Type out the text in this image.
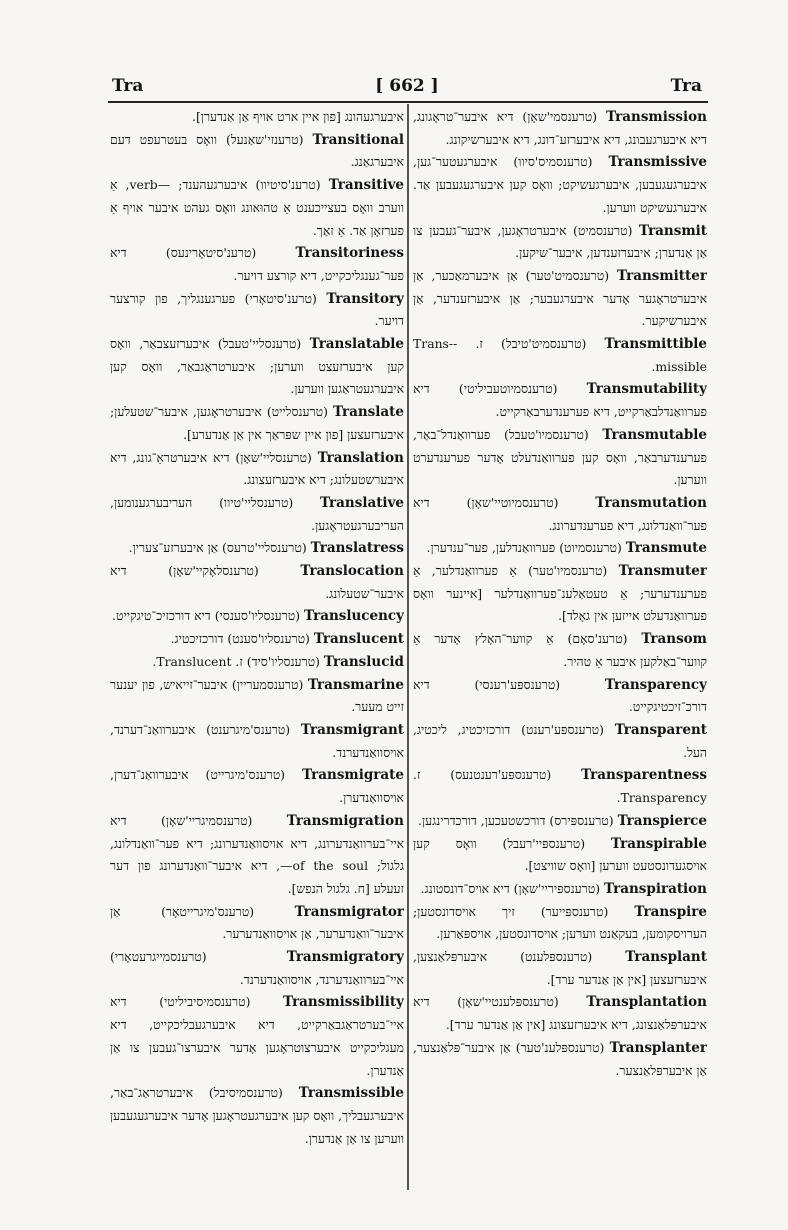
Tra	[ 662 ]	Tra

איבערגעהונג [פון איין ארט אויף אַן אַנדערן].

Transitional (טרענזי'שאַנעל) וואָס בעטרעפט דעם איבערגאַנג.

Transitive (טרענ'סיטיוו) איבערגעהענד; —verb, אַ ווערב וואָס בעצייכענט אַ טהוּאונג וואָס געהט איבער אויף אַ פערזאָן אַד. אַ זאַך.

Transitoriness (טרענ'סיטאָרינעס) דיא פער־גענגליכקייט, דיא קורצע דויער.

Transitory (טרענ'סיטאָרי) פערגענגליך, פון קורצער דויער.

Translatable (טרענסליי'טעבל) איבערזעצבאַר, וואָס קען איבערזעצט ווערען; איבערטראַגבאַר, וואָס קען איבערגעטראַגען ווערען.

Translate (טרענסלייט) איבערטראָגען, איבער־שטעלען; איבערזעצען [פון איין שפּראַך אין אַן אַנדערע].

Translation (טרענסליי'שאָן) דיא איבערטראַ־גונג, דיא איבערשטעלונג; דיא איבערזעצונג.

Translative (טרענסליי'טיוו) העריבערגענומען, העריבערגעטראָגען.

Translatress (טרענסליי'טרעס) אַן איבערזע־צערין.

Translocation (טרענסלאָקיי'שאָן) דיא איבער־שטעלונג.

Translucency (טרענסליו'סענסי) דיא דורכזיכ־טיגקייט.

Translucent (טרענסליו'סענט) דורכזיכטיג.

Translucid (טרענסליו'סיד) ז. Translucent.

Transmarine (טרענסמעריין) איבער־זייאיש, פון יענער זייט מעער.

Transmigrant (טרענס'מיגרענט) איבערוואַנ־דערנד, אויסוואַנדערנד.

Transmigrate (טרענס'מיגרייט) איבערוואַנ־דערן, אויסוואַנדערן.

Transmigration (טרענסמיגריי'שאָן) דיא איי־בערוואַנדערונג, דיא אויסוואַנדערונג; דיא פער־וואַנדלונג, גלגול; of the soul—, דיא איבער־וואַנדערונג פון דער זעעלע [ח. גלגול הנפש].

Transmigrator (טרענס'מיגרייטאָר) אַן איבער־וואַנדערער, אַן אויסוואַנדערער.

Transmigratory (טרענסמייגרעטאָרי) איי־בערוואַנדערנד, אויסוואַנדערנד.

Transmissibility (טרענסמיסיביליטי) דיא איי־בערטראַגבאַרקייט, דיא איבערגעבליכקייט, דיא מעגליכקייט איבערצוטראָגען אָדער איבערצו־געבען צו אַן אַנדערן.

Transmissible (טרענסמיסיבל) איבערטראַג־באַר, איבערגעבליך, וואָס קען איבערגעטראָגען אָדער איבערגעגעבען ווערען צו אַן אַנדערן.

Transmission (טרענסמי'שאָן) דיא איבער־טראָגונג, דיא איבערגעבונג, דיא איבערזע־דונג, דיא איבערשיקונג.

Transmissive (טרענסמיס'סיוו) איבערגעטער־גען, איבערגעגעבען, איבערגעשיקט; וואָס קען איבערגעגעבען אַד. איבערגעשיקט ווערען.

Transmit (טרענסמיט) איבערטראָגען, איבער־געבען צו אַן אַנדערן; איבערזענדען, איבער־שיקען.

Transmitter (טרענסמיט'טער) אַן איבערמאַכער, אַן איבערטראָגער אָדער איבערגעבער; אַן איבערזענדער, אַן איבערשיקער.

Transmittible (טרענסמיט'טיבל) ז. Trans--missible.

Transmutability (טרענסמיוטעביליטי) דיא פערוואַנדלבאַרקייט, דיא פערענדערבאַרקייט.

Transmutable (טרענסמיו'טעבל) פערוואַנדל־באַר, פערענדערבאַר, וואָס קען פערוואַנדעלט אָדער פערענדערט ווערען.

Transmutation (טרענסמיוטיי'שאָן) דיא פער־וואַנדלונג, דיא פערענדערונג.

Transmute (טרענסמיוט) פערוואַנדלען, פער־ענדערן.

Transmuter (טרענסמיו'טער) אַ פערוואַנדלער, אַ פערענדערער; אַ טעטאַלענ־פערוואַנדלער [איינער וואָס פערוואַנדעלט אייזען אין גאָלד].

Transom (טרענ'סאָם) אַ קווער־האָלץ אָדער אַ קווער־באַלקען איבער אַ טהיר.

Transparency (טרענספּע'רענסי) דיא דורכ־זיכטיגקייט.

Transparent (טרענספּע'רענט) דורכזיכטיג, ליכטיג, העל.

Transparentness (טרענספּע'רענטנעס) ז. Transparency.

Transpierce (טרענספּירס) דורכשטעכען, דורכדרינגען.

Transpirable (טרענספּיי'רעבל) וואָס קען אויסגעדונסטעט ווערען [וואָס שוויצט].

Transpiration (טרענספּיריי'שאָן) דיא אויס־דונסטונג.

Transpire (טרענספּייער) זיך אויסדונסטען; הערויסקומען, בעקאַנט ווערען; אויסדונסטען, אויספּאַרען.

Transplant (טרענספּלענט) איבערפּלאַנצען, איבערזעצען [אין אַן אַנדער ערד].

Transplantation (טרענספּלענטיי'שאָן) דיא איבערפּלאַנצונג, דיא איבערזעצונג [אין אַן אַנדער ערד].

Transplanter (טרענספּלענ'טער) אַן איבער־פּלאַנצער, אַן איבערפּלאַנצער.
